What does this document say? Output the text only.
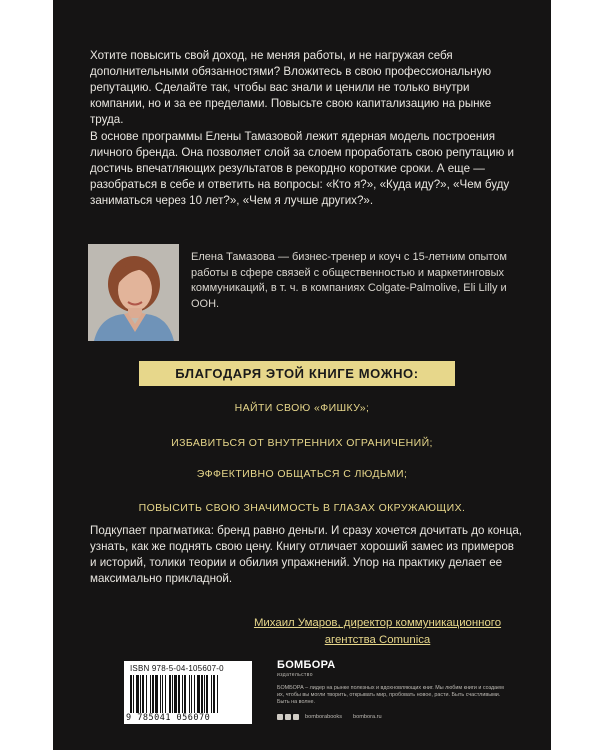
Хотите повысить свой доход, не меняя работы, и не нагружая себя дополнительными обязанностями? Вложитесь в свою профессиональную репутацию. Сделайте так, чтобы вас знали и ценили не только внутри компании, но и за ее пределами. Повысьте свою капитализацию на рынке труда.

В основе программы Елены Тамазовой лежит ядерная модель построения личного бренда. Она позволяет слой за слоем проработать свою репутацию и достичь впечатляющих результатов в рекордно короткие сроки. А еще — разобраться в себе и ответить на вопросы: «Кто я?», «Куда иду?», «Чем буду заниматься через 10 лет?», «Чем я лучше других?».

Елена Тамазова — бизнес-тренер и коуч с 15-летним опытом работы в сфере связей с общественностью и маркетинговых коммуникаций, в т. ч. в компаниях Colgate-Palmolive, Eli Lilly и ООН.

БЛАГОДАРЯ ЭТОЙ КНИГЕ МОЖНО:

НАЙТИ СВОЮ «ФИШКУ»;

ИЗБАВИТЬСЯ ОТ ВНУТРЕННИХ ОГРАНИЧЕНИЙ;

ЭФФЕКТИВНО ОБЩАТЬСЯ С ЛЮДЬМИ;

ПОВЫСИТЬ СВОЮ ЗНАЧИМОСТЬ В ГЛАЗАХ ОКРУЖАЮЩИХ.

Подкупает прагматика: бренд равно деньги. И сразу хочется дочитать до конца, узнать, как же поднять свою цену. Книгу отличает хороший замес из примеров и историй, толики теории и обилия упражнений. Упор на практику делает ее максимально прикладной.

Михаил Умаров, директор коммуникационного
агентства Comunica

ISBN 978-5-04-105607-0
9 785041 056070
БОМБОРА
издательство

БОМБОРА – лидер на рынке полезных и вдохновляющих книг. Мы любим книги и создаем их, чтобы вы могли творить, открывать мир, пробовать новое, расти. Быть счастливыми. Быть на волне.

bomborabooks bombora.ru
